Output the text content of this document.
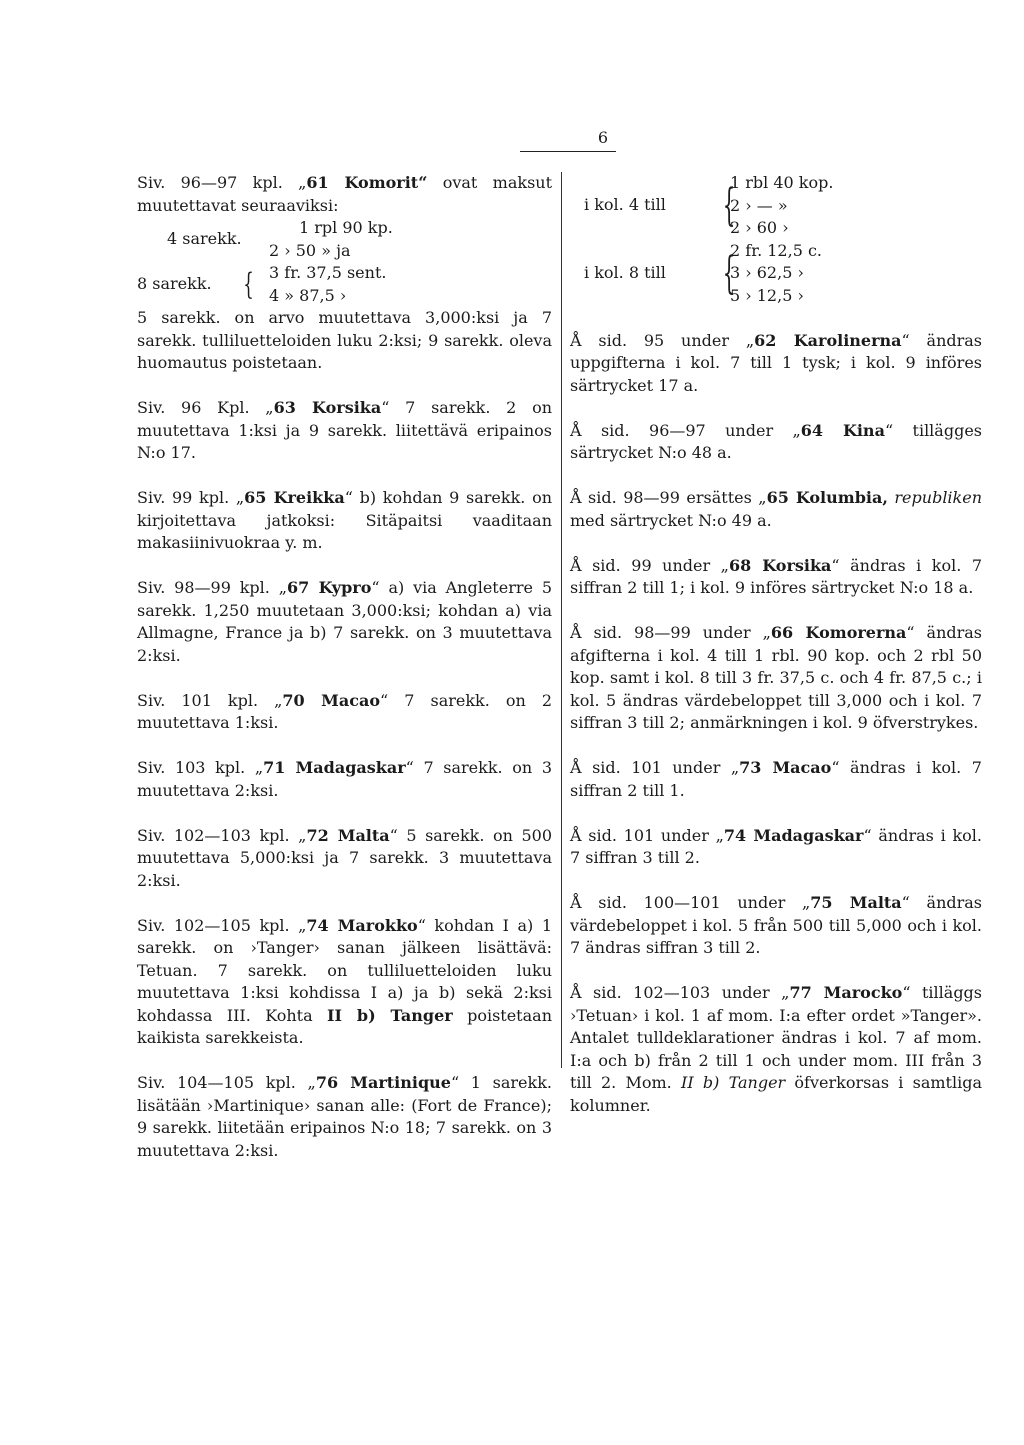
6

Siv. 96—97 kpl. „61 Komorit“ ovat maksut muutettavat seuraaviksi:

4 sarekk.
1 rpl 90 kp.
2 › 50 » ja
8 sarekk. { 3 fr. 37,5 sent.
4 » 87,5 ›

5 sarekk. on arvo muutettava 3,000:ksi ja 7 sarekk. tulliluetteloiden luku 2:ksi; 9 sarekk. oleva huomautus poistetaan.

Siv. 96 Kpl. „63 Korsika“ 7 sarekk. 2 on muutettava 1:ksi ja 9 sarekk. liitettävä eripainos N:o 17.

Siv. 99 kpl. „65 Kreikka“ b) kohdan 9 sarekk. on kirjoitettava jatkoksi: Sitäpaitsi vaaditaan makasiinivuokraa y. m.

Siv. 98—99 kpl. „67 Kypro“ a) via Angleterre 5 sarekk. 1,250 muutetaan 3,000:ksi; kohdan a) via Allmagne, France ja b) 7 sarekk. on 3 muutettava 2:ksi.

Siv. 101 kpl. „70 Macao“ 7 sarekk. on 2 muutettava 1:ksi.

Siv. 103 kpl. „71 Madagaskar“ 7 sarekk. on 3 muutettava 2:ksi.

Siv. 102—103 kpl. „72 Malta“ 5 sarekk. on 500 muutettava 5,000:ksi ja 7 sarekk. 3 muutettava 2:ksi.

Siv. 102—105 kpl. „74 Marokko“ kohdan I a) 1 sarekk. on ›Tanger› sanan jälkeen lisättävä: Tetuan. 7 sarekk. on tulliluetteloiden luku muutettava 1:ksi kohdissa I a) ja b) sekä 2:ksi kohdassa III. Kohta II b) Tanger poistetaan kaikista sarekkeista.

Siv. 104—105 kpl. „76 Martinique“ 1 sarekk. lisätään ›Martinique› sanan alle: (Fort de France); 9 sarekk. liitetään eripainos N:o 18; 7 sarekk. on 3 muutettava 2:ksi.

i kol. 4 till {
1 rbl 40 kop.
2 › — »
2 › 60 ›
i kol. 8 till {
2 fr. 12,5 c.
3 › 62,5 ›
5 › 12,5 ›

Å sid. 95 under „62 Karolinerna“ ändras uppgifterna i kol. 7 till 1 tysk; i kol. 9 införes särtrycket 17 a.

Å sid. 96—97 under „64 Kina“ tillägges särtrycket N:o 48 a.

Å sid. 98—99 ersättes „65 Kolumbia, republiken med särtrycket N:o 49 a.

Å sid. 99 under „68 Korsika“ ändras i kol. 7 siffran 2 till 1; i kol. 9 införes särtrycket N:o 18 a.

Å sid. 98—99 under „66 Komorerna“ ändras afgifterna i kol. 4 till 1 rbl. 90 kop. och 2 rbl 50 kop. samt i kol. 8 till 3 fr. 37,5 c. och 4 fr. 87,5 c.; i kol. 5 ändras värdebeloppet till 3,000 och i kol. 7 siffran 3 till 2; anmärkningen i kol. 9 öfverstrykes.

Å sid. 101 under „73 Macao“ ändras i kol. 7 siffran 2 till 1.

Å sid. 101 under „74 Madagaskar“ ändras i kol. 7 siffran 3 till 2.

Å sid. 100—101 under „75 Malta“ ändras värdebeloppet i kol. 5 från 500 till 5,000 och i kol. 7 ändras siffran 3 till 2.

Å sid. 102—103 under „77 Marocko“ tilläggs ›Tetuan› i kol. 1 af mom. I:a efter ordet »Tanger». Antalet tulldeklarationer ändras i kol. 7 af mom. I:a och b) från 2 till 1 och under mom. III från 3 till 2. Mom. II b) Tanger öfverkorsas i samtliga kolumner.
